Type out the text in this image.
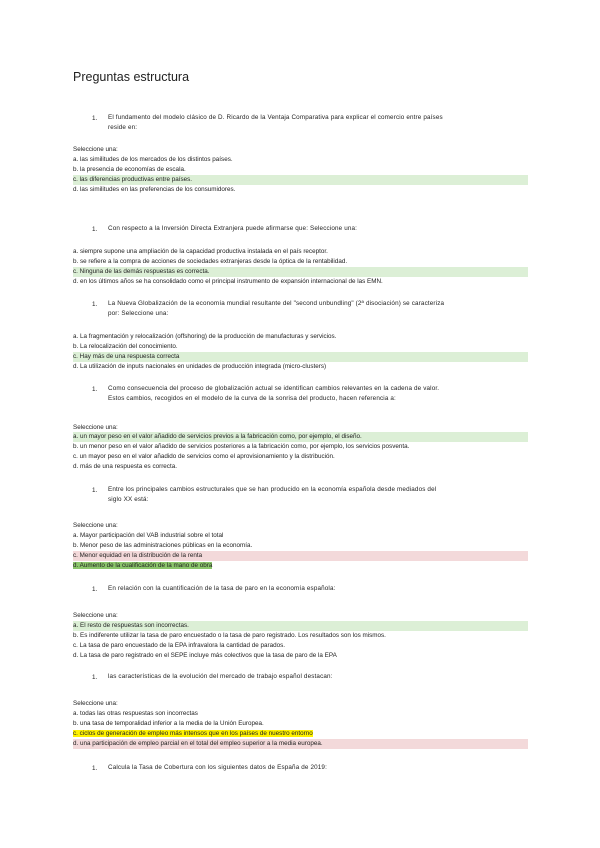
Preguntas estructura
1. El fundamento del modelo clásico de D. Ricardo de la Ventaja Comparativa para explicar el comercio entre países
reside en:
Seleccione una:
a. las similitudes de los mercados de los distintos países.
b. la presencia de economías de escala.
c. las diferencias productivas entre países.
d. las similitudes en las preferencias de los consumidores.
1. Con respecto a la Inversión Directa Extranjera puede afirmarse que: Seleccione una:
a. siempre supone una ampliación de la capacidad productiva instalada en el país receptor.
b. se refiere a la compra de acciones de sociedades extranjeras desde la óptica de la rentabilidad.
c. Ninguna de las demás respuestas es correcta.
d. en los últimos años se ha consolidado como el principal instrumento de expansión internacional de las EMN.
1. La Nueva Globalización de la economía mundial resultante del "second unbundling" (2ª disociación) se caracteriza
por: Seleccione una:
a. La fragmentación y relocalización (offshoring) de la producción de manufacturas y servicios.
b. La relocalización del conocimiento.
c. Hay más de una respuesta correcta
d. La utilización de inputs nacionales en unidades de producción integrada (micro-clusters)
1. Como consecuencia del proceso de globalización actual se identifican cambios relevantes en la cadena de valor.
Estos cambios, recogidos en el modelo de la curva de la sonrisa del producto, hacen referencia a:
Seleccione una:
a. un mayor peso en el valor añadido de servicios previos a la fabricación como, por ejemplo, el diseño.
b. un menor peso en el valor añadido de servicios posteriores a la fabricación como, por ejemplo, los servicios posventa.
c. un mayor peso en el valor añadido de servicios como el aprovisionamiento y la distribución.
d. más de una respuesta es correcta.
1. Entre los principales cambios estructurales que se han producido en la economía española desde mediados del
siglo XX está:
Seleccione una:
a. Mayor participación del VAB industrial sobre el total
b. Menor peso de las administraciones públicas en la economía.
c. Menor equidad en la distribución de la renta
d. Aumento de la cualificación de la mano de obra
1. En relación con la cuantificación de la tasa de paro en la economía española:
Seleccione una:
a. El resto de respuestas son incorrectas.
b. Es indiferente utilizar la tasa de paro encuestado o la tasa de paro registrado. Los resultados son los mismos.
c. La tasa de paro encuestado de la EPA infravalora la cantidad de parados.
d. La tasa de paro registrado en el SEPE incluye más colectivos que la tasa de paro de la EPA
1. las características de la evolución del mercado de trabajo español destacan:
Seleccione una:
a. todas las otras respuestas son incorrectas
b. una tasa de temporalidad inferior a la media de la Unión Europea.
c. ciclos de generación de empleo más intensos que en los países de nuestro entorno
d. una participación de empleo parcial en el total del empleo superior a la media europea.
1. Calcula la Tasa de Cobertura con los siguientes datos de España de 2019:
